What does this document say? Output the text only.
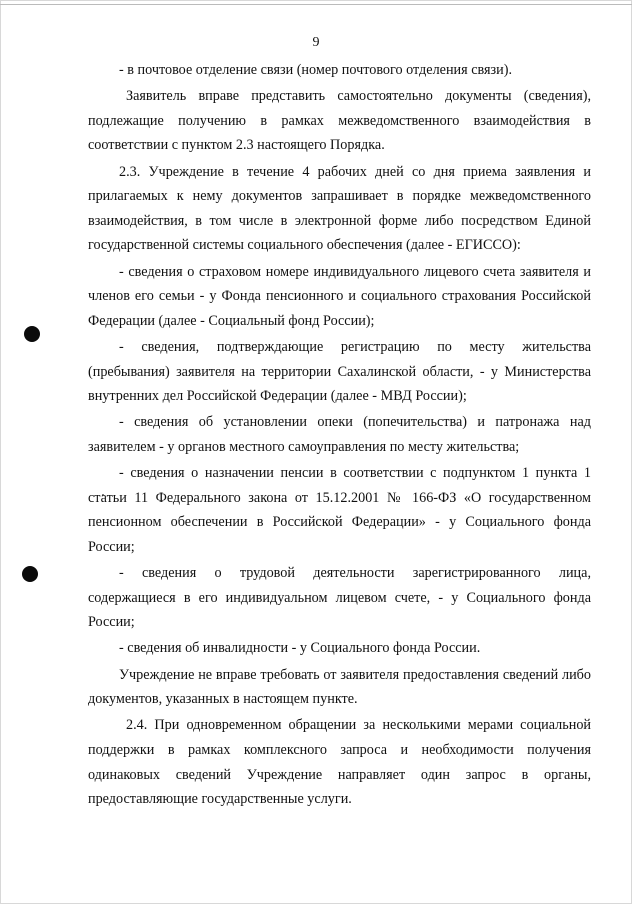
9

- в почтовое отделение связи (номер почтового отделения связи).

Заявитель вправе представить самостоятельно документы (сведения), подлежащие получению в рамках межведомственного взаимодействия в соответствии с пунктом 2.3 настоящего Порядка.

2.3. Учреждение в течение 4 рабочих дней со дня приема заявления и прилагаемых к нему документов запрашивает в порядке межведомственного взаимодействия, в том числе в электронной форме либо посредством Единой государственной системы социального обеспечения (далее - ЕГИССО):

- сведения о страховом номере индивидуального лицевого счета заявителя и членов его семьи - у Фонда пенсионного и социального страхования Российской Федерации (далее - Социальный фонд России);

- сведения, подтверждающие регистрацию по месту жительства (пребывания) заявителя на территории Сахалинской области, - у Министерства внутренних дел Российской Федерации (далее - МВД России);

- сведения об установлении опеки (попечительства) и патронажа над заявителем - у органов местного самоуправления по месту жительства;

- сведения о назначении пенсии в соответствии с подпунктом 1 пункта 1 статьи 11 Федерального закона от 15.12.2001 № 166-ФЗ «О государственном пенсионном обеспечении в Российской Федерации» - у Социального фонда России;

- сведения о трудовой деятельности зарегистрированного лица, содержащиеся в его индивидуальном лицевом счете, - у Социального фонда России;

- сведения об инвалидности - у Социального фонда России.

Учреждение не вправе требовать от заявителя предоставления сведений либо документов, указанных в настоящем пункте.

2.4. При одновременном обращении за несколькими мерами социальной поддержки в рамках комплексного запроса и необходимости получения одинаковых сведений Учреждение направляет один запрос в органы, предоставляющие государственные услуги.
